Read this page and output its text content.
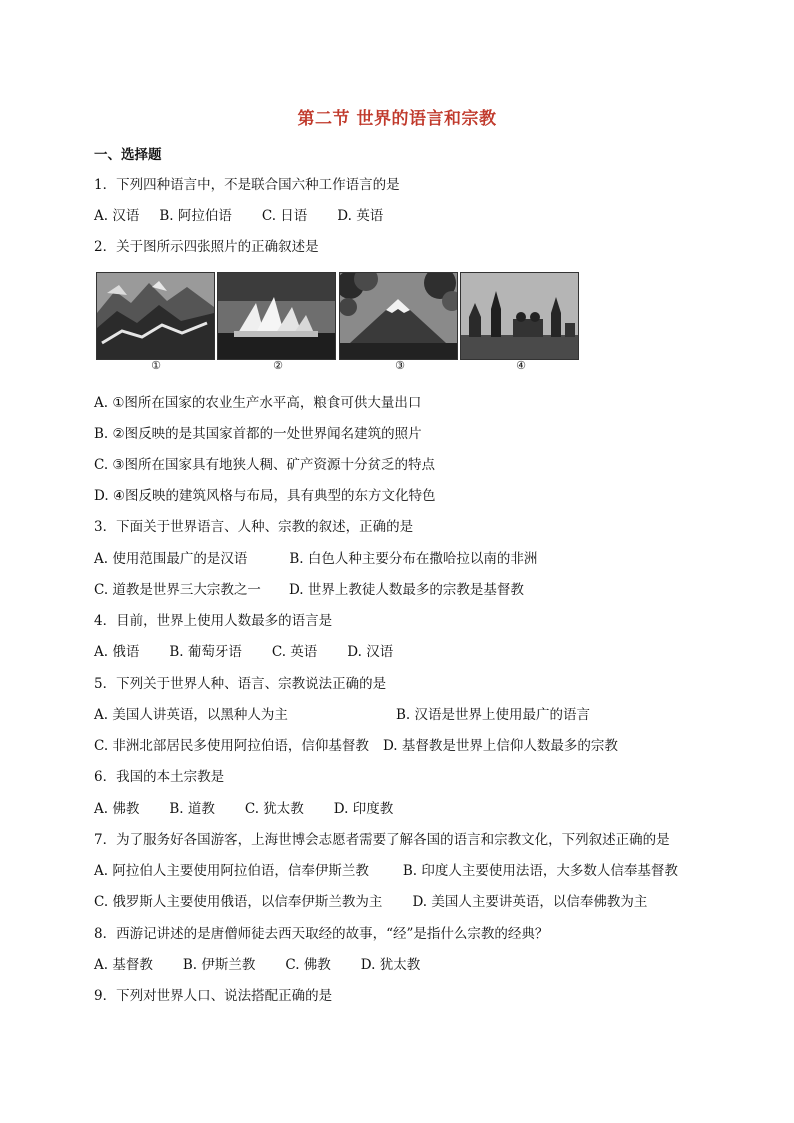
第二节 世界的语言和宗教
一、选择题
1．下列四种语言中，不是联合国六种工作语言的是
A. 汉语 B. 阿拉伯语 C. 日语 D. 英语
2．关于图所示四张照片的正确叙述是
①	②	③	④
A. ①图所在国家的农业生产水平高，粮食可供大量出口
B. ②图反映的是其国家首都的一处世界闻名建筑的照片
C. ③图所在国家具有地狭人稠、矿产资源十分贫乏的特点
D. ④图反映的建筑风格与布局，具有典型的东方文化特色
3．下面关于世界语言、人种、宗教的叙述，正确的是
A. 使用范围最广的是汉语	B. 白色人种主要分布在撒哈拉以南的非洲
C. 道教是世界三大宗教之一 D. 世界上教徒人数最多的宗教是基督教
4．目前，世界上使用人数最多的语言是
A. 俄语 B. 葡萄牙语 C. 英语 D. 汉语
5．下列关于世界人种、语言、宗教说法正确的是
A. 美国人讲英语，以黑种人为主	B. 汉语是世界上使用最广的语言
C. 非洲北部居民多使用阿拉伯语，信仰基督教 D. 基督教是世界上信仰人数最多的宗教
6．我国的本土宗教是
A. 佛教 B. 道教 C. 犹太教 D. 印度教
7．为了服务好各国游客，上海世博会志愿者需要了解各国的语言和宗教文化，下列叙述正确的是
A. 阿拉伯人主要使用阿拉伯语，信奉伊斯兰教	B. 印度人主要使用法语，大多数人信奉基督教
C. 俄罗斯人主要使用俄语，以信奉伊斯兰教为主 D. 美国人主要讲英语，以信奉佛教为主
8．西游记讲述的是唐僧师徒去西天取经的故事，“经”是指什么宗教的经典？
A. 基督教 B. 伊斯兰教 C. 佛教 D. 犹太教
9．下列对世界人口、说法搭配正确的是
